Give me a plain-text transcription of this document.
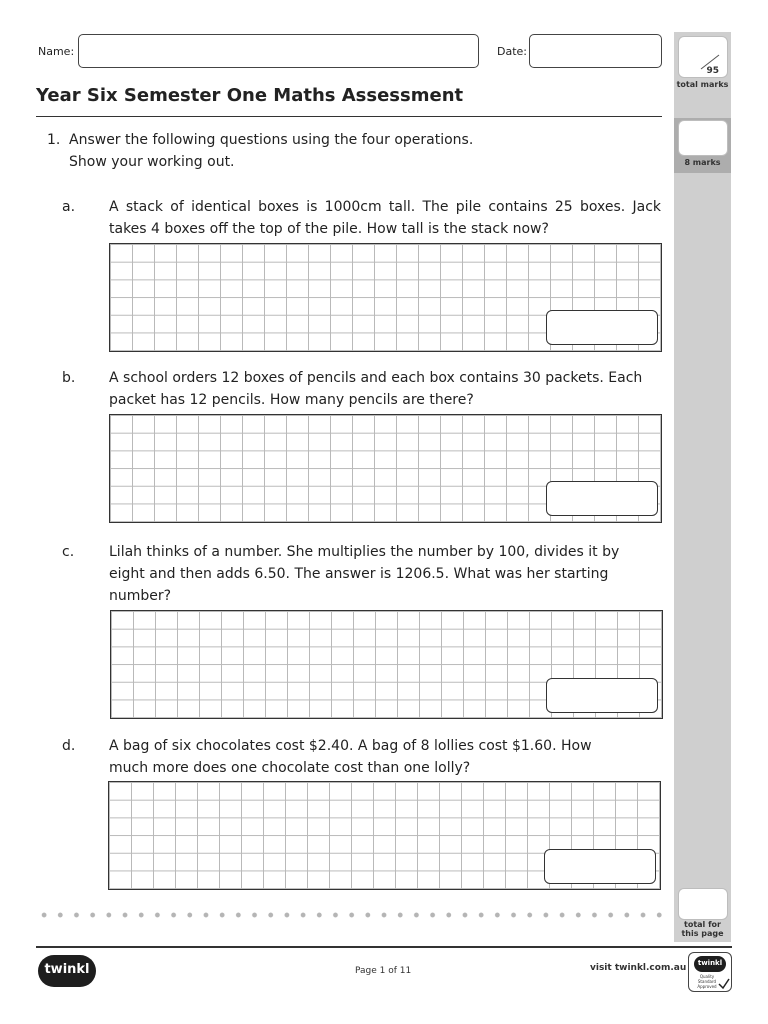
Name:	Date:
Year Six Semester One Maths Assessment
95
total marks
8 marks
total for
this page
1. Answer the following questions using the four operations.
Show your working out.
a. A stack of identical boxes is 1000cm tall. The pile contains 25 boxes. Jack takes 4 boxes off the top of the pile. How tall is the stack now?
b. A school orders 12 boxes of pencils and each box contains 30 packets. Each packet has 12 pencils. How many pencils are there?
c. Lilah thinks of a number. She multiplies the number by 100, divides it by eight and then adds 6.50. The answer is 1206.5. What was her starting number?
d. A bag of six chocolates cost $2.40. A bag of 8 lollies cost $1.60. How much more does one chocolate cost than one lolly?
twinkl	Page 1 of 11	visit twinkl.com.au	twinkl
Quality Standard Approved
